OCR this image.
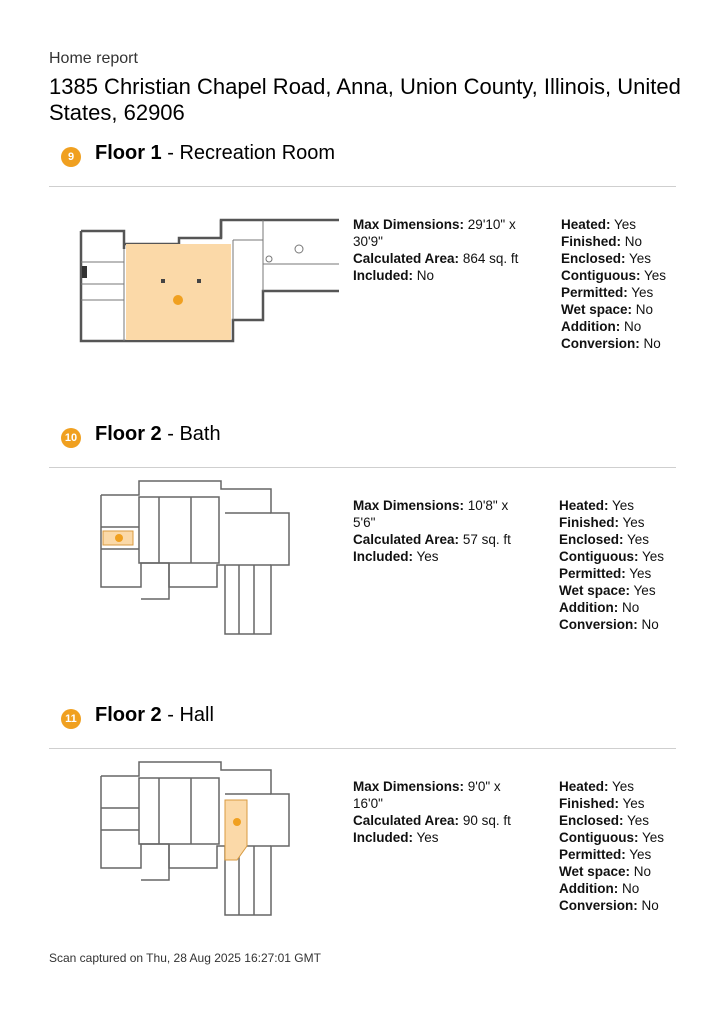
Home report
1385 Christian Chapel Road, Anna, Union County, Illinois, United States, 62906
9	Floor 1 - Recreation Room
Max Dimensions: 29'10" x 30'9"
Calculated Area: 864 sq. ft
Included: No
Heated: Yes
Finished: No
Enclosed: Yes
Contiguous: Yes
Permitted: Yes
Wet space: No
Addition: No
Conversion: No
10 Floor 2 - Bath
Max Dimensions: 10'8" x 5'6"
Calculated Area: 57 sq. ft
Included: Yes
Heated: Yes
Finished: Yes
Enclosed: Yes
Contiguous: Yes
Permitted: Yes
Wet space: Yes
Addition: No
Conversion: No
11 Floor 2 - Hall
Max Dimensions: 9'0" x 16'0"
Calculated Area: 90 sq. ft
Included: Yes
Heated: Yes
Finished: Yes
Enclosed: Yes
Contiguous: Yes
Permitted: Yes
Wet space: No
Addition: No
Conversion: No
Scan captured on Thu, 28 Aug 2025 16:27:01 GMT
